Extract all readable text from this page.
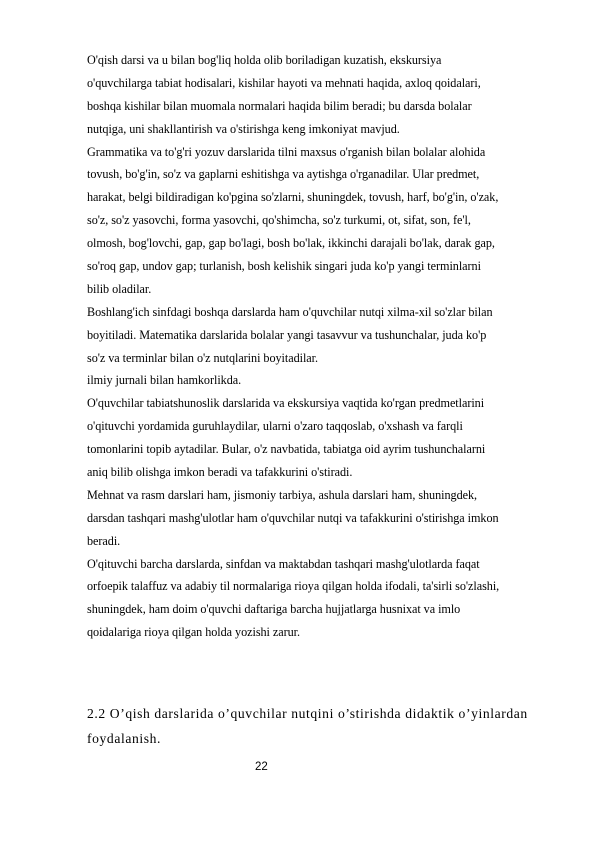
O'qish darsi va u bilan bog'liq holda olib boriladigan kuzatish, ekskursiya
o'quvchilarga tabiat hodisalari, kishilar hayoti va mehnati haqida, axloq qoidalari,
boshqa kishilar bilan muomala normalari haqida bilim beradi; bu darsda bolalar
nutqiga, uni shakllantirish va o'stirishga keng imkoniyat mavjud.
Grammatika va to'g'ri yozuv darslarida tilni maxsus o'rganish bilan bolalar alohida
tovush, bo'g'in, so'z va gaplarni eshitishga va aytishga o'rganadilar. Ular predmet,
harakat, belgi bildiradigan ko'pgina so'zlarni, shuningdek, tovush, harf, bo'g'in, o'zak,
so'z, so'z yasovchi, forma yasovchi, qo'shimcha, so'z turkumi, ot, sifat, son, fe'l,
olmosh, bog'lovchi, gap, gap bo'lagi, bosh bo'lak, ikkinchi darajali bo'lak, darak gap,
so'roq gap, undov gap; turlanish, bosh kelishik singari juda ko'p yangi terminlarni
bilib oladilar.
Boshlang'ich sinfdagi boshqa darslarda ham o'quvchilar nutqi xilma-xil so'zlar bilan
boyitiladi. Matematika darslarida bolalar yangi tasavvur va tushunchalar, juda ko'p
so'z va terminlar bilan o'z nutqlarini boyitadilar.
ilmiy jurnali bilan hamkorlikda.
O'quvchilar tabiatshunoslik darslarida va ekskursiya vaqtida ko'rgan predmetlarini
o'qituvchi yordamida guruhlaydilar, ularni o'zaro taqqoslab, o'xshash va farqli
tomonlarini topib aytadilar. Bular, o'z navbatida, tabiatga oid ayrim tushunchalarni
aniq bilib olishga imkon beradi va tafakkurini o'stiradi.
Mehnat va rasm darslari ham, jismoniy tarbiya, ashula darslari ham, shuningdek,
darsdan tashqari mashg'ulotlar ham o'quvchilar nutqi va tafakkurini o'stirishga imkon
beradi.
O'qituvchi barcha darslarda, sinfdan va maktabdan tashqari mashg'ulotlarda faqat
orfoepik talaffuz va adabiy til normalariga rioya qilgan holda ifodali, ta'sirli so'zlashi,
shuningdek, ham doim o'quvchi daftariga barcha hujjatlarga husnixat va imlo
qoidalariga rioya qilgan holda yozishi zarur.
2.2 O’qish darslarida o’quvchilar nutqini o’stirishda didaktik o’yinlardan
foydalanish.
22
